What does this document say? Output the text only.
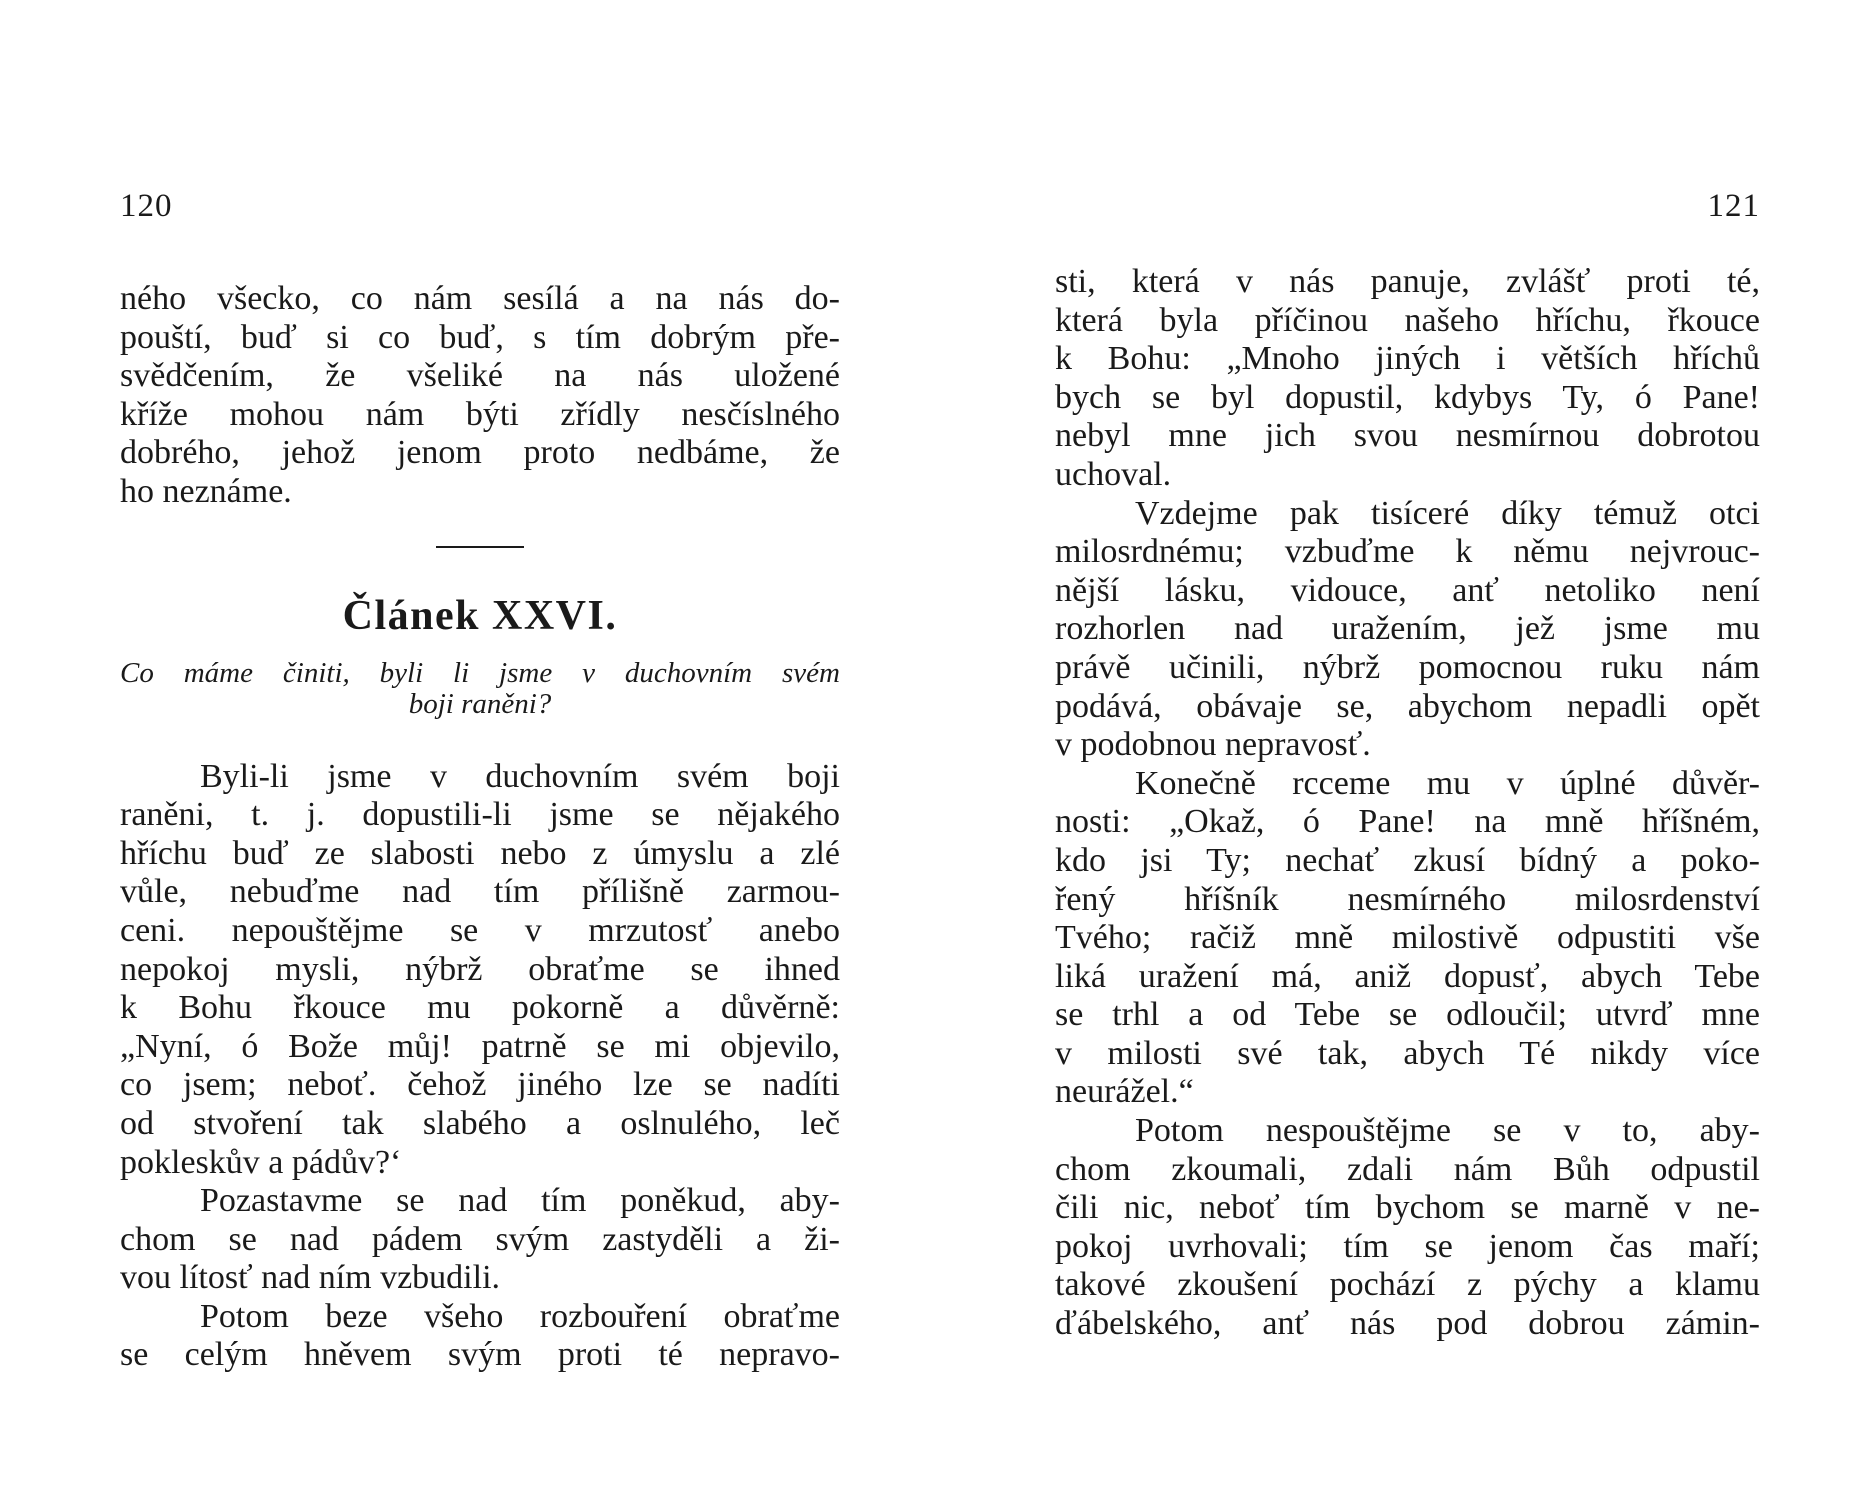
120
ného všecko, co nám sesílá a na nás do-
pouští, buď si co buď, s tím dobrým pře-
svědčením, že všeliké na nás uložené
kříže mohou nám býti zřídly nesčíslného
dobrého, jehož jenom proto nedbáme, že
ho neznáme.
Článek XXVI.
Co máme činiti, byli li jsme v duchovním svém
boji raněni?
Byli-li jsme v duchovním svém boji
raněni, t. j. dopustili-li jsme se nějakého
hříchu buď ze slabosti nebo z úmyslu a zlé
vůle, nebuďme nad tím přílišně zarmou-
ceni. nepouštějme se v mrzutosť anebo
nepokoj mysli, nýbrž obraťme se ihned
k Bohu řkouce mu pokorně a důvěrně:
„Nyní, ó Bože můj! patrně se mi objevilo,
co jsem; neboť. čehož jiného lze se nadíti
od stvoření tak slabého a oslnulého, leč
pokleskův a pádův?‘
Pozastavme se nad tím poněkud, aby-
chom se nad pádem svým zastyděli a ži-
vou lítosť nad ním vzbudili.
Potom beze všeho rozbouření obraťme
se celým hněvem svým proti té nepravo-
121
sti, která v nás panuje, zvlášť proti té,
která byla příčinou našeho hříchu, řkouce
k Bohu: „Mnoho jiných i větších hříchů
bych se byl dopustil, kdybys Ty, ó Pane!
nebyl mne jich svou nesmírnou dobrotou
uchoval.
Vzdejme pak tisíceré díky témuž otci
milosrdnému; vzbuďme k němu nejvrouc-
nější lásku, vidouce, anť netoliko není
rozhorlen nad uražením, jež jsme mu
právě učinili, nýbrž pomocnou ruku nám
podává, obávaje se, abychom nepadli opět
v podobnou nepravosť.
Konečně rcceme mu v úplné důvěr-
nosti: „Okaž, ó Pane! na mně hříšném,
kdo jsi Ty; nechať zkusí bídný a poko-
řený hříšník nesmírného milosrdenství
Tvého; račiž mně milostivě odpustiti vše
liká uražení má, aniž dopusť, abych Tebe
se trhl a od Tebe se odloučil; utvrď mne
v milosti své tak, abych Té nikdy více
neurážel.“
Potom nespouštějme se v to, aby-
chom zkoumali, zdali nám Bůh odpustil
čili nic, neboť tím bychom se marně v ne-
pokoj uvrhovali; tím se jenom čas maří;
takové zkoušení pochází z pýchy a klamu
ďábelského, anť nás pod dobrou zámin-
